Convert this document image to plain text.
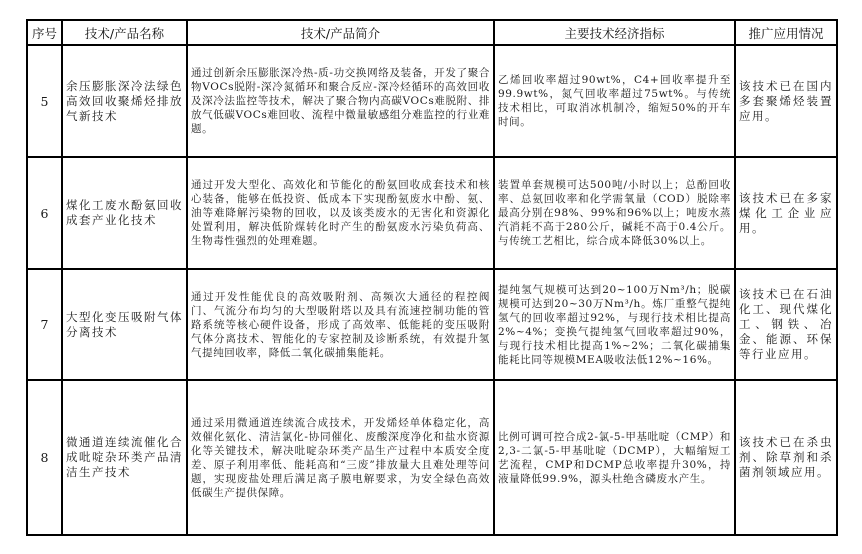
序号	技术/产品名称	技术/产品简介	主要技术经济指标	推广应用情况
5	余压膨胀深冷法绿色高效回收聚烯烃排放气新技术	通过创新余压膨胀深冷热-质-功交换网络及装备，开发了聚合物VOCs脱附-深冷氮循环和聚合反应-深冷烃循环的高效回收及深冷法监控等技术，解决了聚合物内高碳VOCs难脱附、排放气低碳VOCs难回收、流程中微量敏感组分难监控的行业难题。	乙烯回收率超过90wt%，C4+回收率提升至99.9wt%，氮气回收率超过75wt%。与传统技术相比，可取消冰机制冷，缩短50%的开车时间。	该技术已在国内多套聚烯烃装置应用。
6	煤化工废水酚氨回收成套产业化技术	通过开发大型化、高效化和节能化的酚氨回收成套技术和核心装备，能够在低投资、低成本下实现酚氨废水中酚、氨、油等难降解污染物的回收，以及该类废水的无害化和资源化处置利用，解决低阶煤转化时产生的酚氨废水污染负荷高、生物毒性强烈的处理难题。	装置单套规模可达500吨/小时以上；总酚回收率、总氨回收率和化学需氧量（COD）脱除率最高分别在98%、99%和96%以上；吨废水蒸汽消耗不高于280公斤，碱耗不高于0.4公斤。与传统工艺相比，综合成本降低30%以上。	该技术已在多家煤化工企业应用。
7	大型化变压吸附气体分离技术	通过开发性能优良的高效吸附剂、高频次大通径的程控阀门、气流分布均匀的大型吸附塔以及具有流速控制功能的管路系统等核心硬件设备，形成了高效率、低能耗的变压吸附气体分离技术、智能化的专家控制及诊断系统，有效提升氢气提纯回收率，降低二氧化碳捕集能耗。	提纯氢气规模可达到20~100万Nm³/h；脱碳规模可达到20~30万Nm³/h。炼厂重整气提纯氢气的回收率超过92%，与现行技术相比提高2%~4%；变换气提纯氢气回收率超过90%，与现行技术相比提高1%~2%；二氧化碳捕集能耗比同等规模MEA吸收法低12%~16%。	该技术已在石油化工、现代煤化工、钢铁、冶金、能源、环保等行业应用。
8	微通道连续流催化合成吡啶杂环类产品清洁生产技术	通过采用微通道连续流合成技术，开发烯烃单体稳定化，高效催化氨化、清洁氯化-协同催化、废酸深度净化和盐水资源化等关键技术，解决吡啶杂环类产品生产过程中本质安全度差、原子利用率低、能耗高和“三废”排放量大且难处理等问题，实现废盐处理后满足离子膜电解要求，为安全绿色高效低碳生产提供保障。	比例可调可控合成2-氯-5-甲基吡啶（CMP）和2,3-二氯-5-甲基吡啶（DCMP），大幅缩短工艺流程，CMP和DCMP总收率提升30%，持液量降低99.9%，源头杜绝含磷废水产生。	该技术已在杀虫剂、除草剂和杀菌剂领域应用。
